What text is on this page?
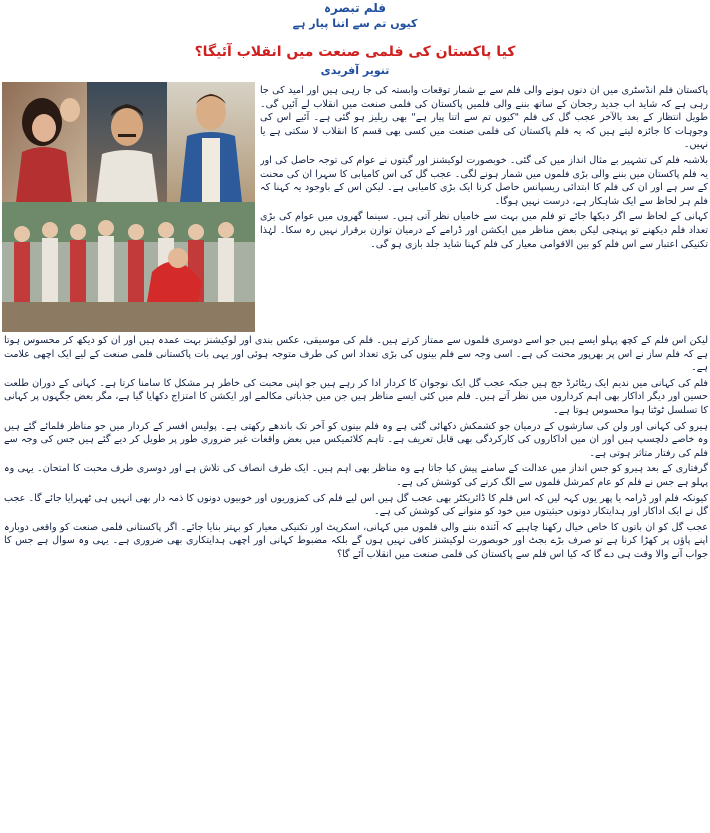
فلم تبصرہ
کیوں تم سے اتنا پیار ہے
کیا پاکستان کی فلمی صنعت میں انقلاب آئیگا؟
تنویر آفریدی

پاکستان فلم انڈسٹری میں ان دنوں ہونے والی فلم سے بے شمار توقعات وابستہ کی جا رہی ہیں اور امید کی جا رہی ہے کہ شاید اب جدید رجحان کے ساتھ بننے والی فلمیں پاکستان کی فلمی صنعت میں انقلاب لے آئیں گی۔ طویل انتظار کے بعد بالآخر عجب گل کی فلم "کیوں تم سے اتنا پیار ہے" بھی ریلیز ہو گئی ہے۔ آئیے اس کی وجوہات کا جائزہ لیتے ہیں کہ یہ فلم پاکستان کی فلمی صنعت میں کسی بھی قسم کا انقلاب لا سکتی ہے یا نہیں۔

بلاشبہ فلم کی تشہیر بے مثال انداز میں کی گئی۔ خوبصورت لوکیشنز اور گیتوں نے عوام کی توجہ حاصل کی اور یہ فلم پاکستان میں بننے والی بڑی فلموں میں شمار ہونے لگی۔ عجب گل کی اس کامیابی کا سہرا ان کی محنت کے سر ہے اور ان کی فلم کا ابتدائی ریسپانس حاصل کرنا ایک بڑی کامیابی ہے۔ لیکن اس کے باوجود یہ کہنا کہ فلم ہر لحاظ سے ایک شاہکار ہے، درست نہیں ہوگا۔

کہانی کے لحاظ سے اگر دیکھا جائے تو فلم میں بہت سے خامیاں نظر آتی ہیں۔ سینما گھروں میں عوام کی بڑی تعداد فلم دیکھنے تو پہنچی لیکن بعض مناظر میں ایکشن اور ڈرامے کے درمیان توازن برقرار نہیں رہ سکا۔ لہٰذا تکنیکی اعتبار سے اس فلم کو بین الاقوامی معیار کی فلم کہنا شاید جلد بازی ہو گی۔

لیکن اس فلم کے کچھ پہلو ایسے ہیں جو اسے دوسری فلموں سے ممتاز کرتے ہیں۔ فلم کی موسیقی، عکس بندی اور لوکیشنز بہت عمدہ ہیں اور ان کو دیکھ کر محسوس ہوتا ہے کہ فلم ساز نے اس پر بھرپور محنت کی ہے۔ اسی وجہ سے فلم بینوں کی بڑی تعداد اس کی طرف متوجہ ہوئی اور یہی بات پاکستانی فلمی صنعت کے لیے ایک اچھی علامت ہے۔

فلم کی کہانی میں ندیم ایک ریٹائرڈ جج ہیں جبکہ عجب گل ایک نوجوان کا کردار ادا کر رہے ہیں جو اپنی محبت کی خاطر ہر مشکل کا سامنا کرتا ہے۔ کہانی کے دوران طلعت حسین اور دیگر اداکار بھی اہم کرداروں میں نظر آتے ہیں۔ فلم میں کئی ایسے مناظر ہیں جن میں جذباتی مکالمے اور ایکشن کا امتزاج دکھایا گیا ہے، مگر بعض جگہوں پر کہانی کا تسلسل ٹوٹتا ہوا محسوس ہوتا ہے۔

ہیرو کی کہانی اور ولن کی سازشوں کے درمیان جو کشمکش دکھائی گئی ہے وہ فلم بینوں کو آخر تک باندھے رکھتی ہے۔ پولیس افسر کے کردار میں جو مناظر فلمائے گئے ہیں وہ خاصے دلچسپ ہیں اور ان میں اداکاروں کی کارکردگی بھی قابل تعریف ہے۔ تاہم کلائمیکس میں بعض واقعات غیر ضروری طور پر طویل کر دیے گئے ہیں جس کی وجہ سے فلم کی رفتار متاثر ہوتی ہے۔

گرفتاری کے بعد ہیرو کو جس انداز میں عدالت کے سامنے پیش کیا جاتا ہے وہ مناظر بھی اہم ہیں۔ ایک طرف انصاف کی تلاش ہے اور دوسری طرف محبت کا امتحان۔ یہی وہ پہلو ہے جس نے فلم کو عام کمرشل فلموں سے الگ کرنے کی کوشش کی ہے۔

کیونکہ فلم اور ڈرامہ یا پھر یوں کہہ لیں کہ اس فلم کا ڈائریکٹر بھی عجب گل ہیں اس لیے فلم کی کمزوریوں اور خوبیوں دونوں کا ذمہ دار بھی انہیں ہی ٹھہرایا جائے گا۔ عجب گل نے ایک اداکار اور ہدایتکار دونوں حیثیتوں میں خود کو منوانے کی کوشش کی ہے۔

عجب گل کو ان باتوں کا خاص خیال رکھنا چاہیے کہ آئندہ بننے والی فلموں میں کہانی، اسکرپٹ اور تکنیکی معیار کو بہتر بنایا جائے۔ اگر پاکستانی فلمی صنعت کو واقعی دوبارہ اپنے پاؤں پر کھڑا کرنا ہے تو صرف بڑے بجٹ اور خوبصورت لوکیشنز کافی نہیں ہوں گے بلکہ مضبوط کہانی اور اچھی ہدایتکاری بھی ضروری ہے۔ یہی وہ سوال ہے جس کا جواب آنے والا وقت ہی دے گا کہ کیا اس فلم سے پاکستان کی فلمی صنعت میں انقلاب آئے گا؟
